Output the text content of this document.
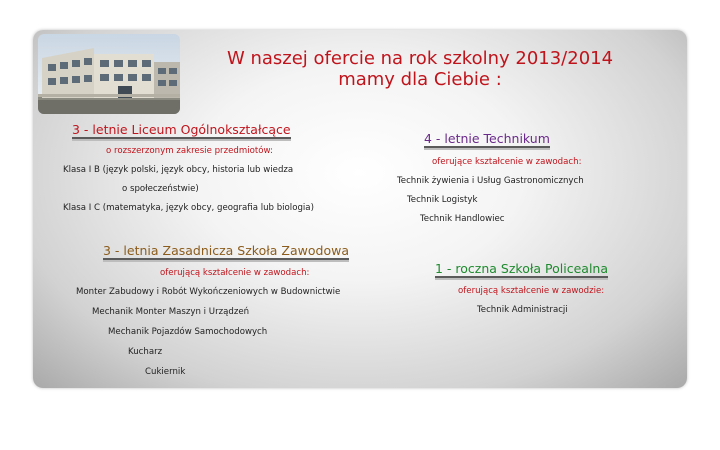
W naszej ofercie na rok szkolny 2013/2014
mamy dla Ciebie :
3 - letnie Liceum Ogólnokształcące
o rozszerzonym zakresie przedmiotów:
Klasa I B (język polski, język obcy, historia lub wiedza
o społeczeństwie)
Klasa I C (matematyka, język obcy, geografia lub biologia)
4 - letnie Technikum
oferujące kształcenie w zawodach:
Technik żywienia i Usług Gastronomicznych
Technik Logistyk
Technik Handlowiec
3 - letnia Zasadnicza Szkoła Zawodowa
oferującą kształcenie w zawodach:
Monter Zabudowy i Robót Wykończeniowych w Budownictwie
Mechanik Monter Maszyn i Urządzeń
Mechanik Pojazdów Samochodowych
Kucharz
Cukiernik
1 - roczna Szkoła Policealna
oferującą kształcenie w zawodzie:
Technik Administracji
